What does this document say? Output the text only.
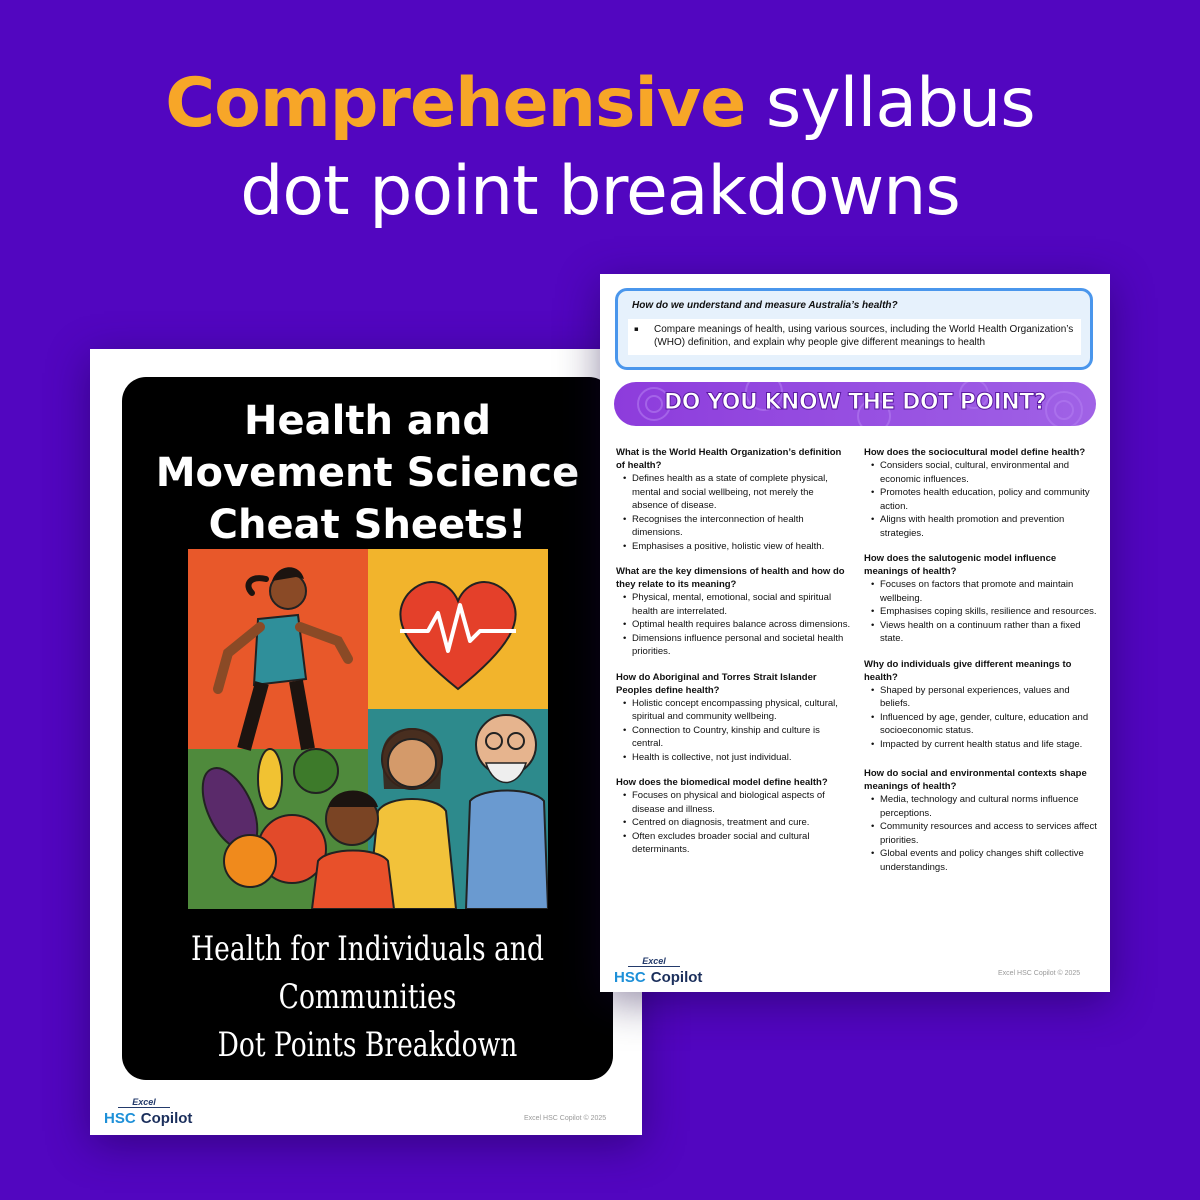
Comprehensive syllabus
dot point breakdowns
Health and
Movement Science
Cheat Sheets!
Health for Individuals and
Communities
Dot Points Breakdown
Excel
HSC Copilot	Excel HSC Copilot © 2025
How do we understand and measure Australia’s health?
▪ Compare meanings of health, using various sources, including the World Health Organization’s (WHO) definition, and explain why people give different meanings to health
DO YOU KNOW THE DOT POINT?
What is the World Health Organization’s definition of health?
• Defines health as a state of complete physical, mental and social wellbeing, not merely the absence of disease.
• Recognises the interconnection of health dimensions.
• Emphasises a positive, holistic view of health.
What are the key dimensions of health and how do they relate to its meaning?
• Physical, mental, emotional, social and spiritual health are interrelated.
• Optimal health requires balance across dimensions.
• Dimensions influence personal and societal health priorities.
How do Aboriginal and Torres Strait Islander Peoples define health?
• Holistic concept encompassing physical, cultural, spiritual and community wellbeing.
• Connection to Country, kinship and culture is central.
• Health is collective, not just individual.
How does the biomedical model define health?
• Focuses on physical and biological aspects of disease and illness.
• Centred on diagnosis, treatment and cure.
• Often excludes broader social and cultural determinants.
How does the sociocultural model define health?
• Considers social, cultural, environmental and economic influences.
• Promotes health education, policy and community action.
• Aligns with health promotion and prevention strategies.
How does the salutogenic model influence meanings of health?
• Focuses on factors that promote and maintain wellbeing.
• Emphasises coping skills, resilience and resources.
• Views health on a continuum rather than a fixed state.
Why do individuals give different meanings to health?
• Shaped by personal experiences, values and beliefs.
• Influenced by age, gender, culture, education and socioeconomic status.
• Impacted by current health status and life stage.
How do social and environmental contexts shape meanings of health?
• Media, technology and cultural norms influence perceptions.
• Community resources and access to services affect priorities.
• Global events and policy changes shift collective understandings.
Excel
HSC Copilot	Excel HSC Copilot © 2025
